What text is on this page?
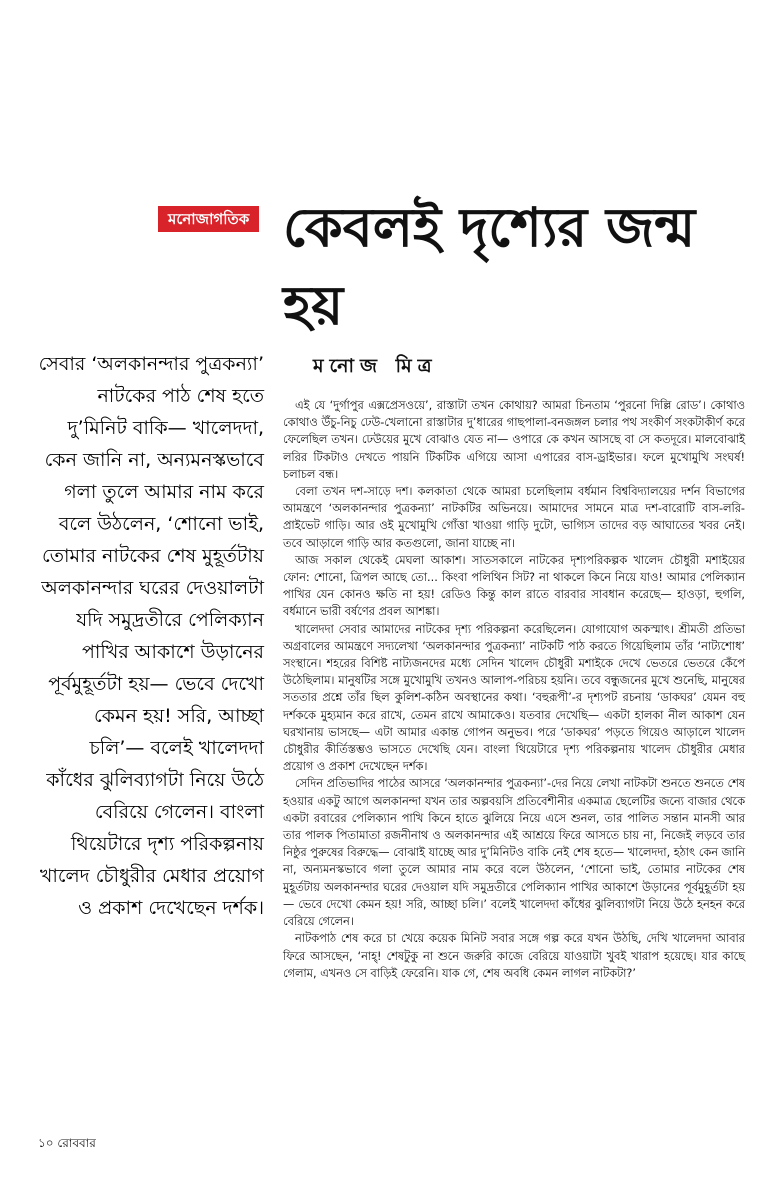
মনোজাগতিক কেবলই দৃশ্যের জন্ম হয়
মনোজ মিত্র

সেবার ‘অলকানন্দার পুত্রকন্যা’ নাটকের পাঠ শেষ হতে দু’মিনিট বাকি— খালেদদা, কেন জানি না, অন্যমনস্কভাবে গলা তুলে আমার নাম করে বলে উঠলেন, ‘শোনো ভাই, তোমার নাটকের শেষ মুহূর্তটায় অলকানন্দার ঘরের দেওয়ালটা যদি সমুদ্রতীরে পেলিক্যান পাখির আকাশে উড়ানের পূর্বমুহূর্তটা হয়— ভেবে দেখো কেমন হয়! সরি, আচ্ছা চলি’— বলেই খালেদদা কাঁধের ঝুলিব্যাগটা নিয়ে উঠে বেরিয়ে গেলেন। বাংলা থিয়েটারে দৃশ্য পরিকল্পনায় খালেদ চৌধুরীর মেধার প্রয়োগ ও প্রকাশ দেখেছেন দর্শক।

এই যে ‘দুর্গাপুর এক্সপ্রেসওয়ে’, রাস্তাটা তখন কোথায়? আমরা চিনতাম ‘পুরনো দিল্লি রোড’। কোথাও কোথাও উঁচু-নিচু ঢেউ-খেলানো রাস্তাটার দু’ধারের গাছপালা-বনজঙ্গল চলার পথ সংকীর্ণ সংকটাকীর্ণ করে ফেলেছিল তখন। ঢেউয়ের মুখে বোঝাও যেত না— ওপারে কে কখন আসছে বা সে কতদূরে। মালবোঝাই লরির টিকটাও দেখতে পায়নি টিকটিক এগিয়ে আসা এপারের বাস-ড্রাইভার। ফলে মুখোমুখি সংঘর্ষ! চলাচল বন্ধ।

বেলা তখন দশ-সাড়ে দশ। কলকাতা থেকে আমরা চলেছিলাম বর্ধমান বিশ্ববিদ্যালয়ের দর্শন বিভাগের আমন্ত্রণে ‘অলকানন্দার পুত্রকন্যা’ নাটকটির অভিনয়ে। আমাদের সামনে মাত্র দশ-বারোটি বাস-লরি-প্রাইভেট গাড়ি। আর ওই মুখোমুখি গোঁত্তা খাওয়া গাড়ি দুটো, ভাগ্যিস তাদের বড় আঘাতের খবর নেই। তবে আড়ালে গাড়ি আর কতগুলো, জানা যাচ্ছে না।

আজ সকাল থেকেই মেঘলা আকাশ। সাতসকালে নাটকের দৃশ্যপরিকল্পক খালেদ চৌধুরী মশাইয়ের ফোন: শোনো, ত্রিপল আছে তো... কিংবা পলিথিন সিট? না থাকলে কিনে নিয়ে যাও! আমার পেলিক্যান পাখির যেন কোনও ক্ষতি না হয়! রেডিও কিন্তু কাল রাতে বারবার সাবধান করেছে— হাওড়া, হুগলি, বর্ধমানে ভারী বর্ষণের প্রবল আশঙ্কা।

খালেদদা সেবার আমাদের নাটকের দৃশ্য পরিকল্পনা করেছিলেন। যোগাযোগ অকস্মাৎ। শ্রীমতী প্রতিভা অগ্রবালের আমন্ত্রণে সদ্যলেখা ‘অলকানন্দার পুত্রকন্যা’ নাটকটি পাঠ করতে গিয়েছিলাম তাঁর ‘নাট্যশোধ’ সংস্থানে। শহরের বিশিষ্ট নাট্যজনদের মধ্যে সেদিন খালেদ চৌধুরী মশাইকে দেখে ভেতরে ভেতরে কেঁপে উঠেছিলাম। মানুষটির সঙ্গে মুখোমুখি তখনও আলাপ-পরিচয় হয়নি। তবে বন্ধুজনের মুখে শুনেছি, মানুষের সততার প্রশ্নে তাঁর ছিল কুলিশ-কঠিন অবস্থানের কথা। ‘বহুরূপী’-র দৃশ্যপট রচনায় ‘ডাকঘর’ যেমন বহু দর্শককে মুহ্যমান করে রাখে, তেমন রাখে আমাকেও। যতবার দেখেছি— একটা হালকা নীল আকাশ যেন ঘরখানায় ভাসছে— এটা আমার একান্ত গোপন অনুভব। পরে ‘ডাকঘর’ পড়তে গিয়েও আড়ালে খালেদ চৌধুরীর কীর্তিস্তম্ভও ভাসতে দেখেছি যেন। বাংলা থিয়েটারে দৃশ্য পরিকল্পনায় খালেদ চৌধুরীর মেধার প্রয়োগ ও প্রকাশ দেখেছেন দর্শক।

সেদিন প্রতিভাদির পাঠের আসরে ‘অলকানন্দার পুত্রকন্যা’-দের নিয়ে লেখা নাটকটা শুনতে শুনতে শেষ হওয়ার একটু আগে অলকানন্দা যখন তার অল্পবয়সি প্রতিবেশীনীর একমাত্র ছেলেটির জন্যে বাজার থেকে একটা রবারের পেলিক্যান পাখি কিনে হাতে ঝুলিয়ে নিয়ে এসে শুনল, তার পালিত সন্তান মানসী আর তার পালক পিতামাতা রজনীনাথ ও অলকানন্দার এই আশ্রয়ে ফিরে আসতে চায় না, নিজেই লড়বে তার নিষ্ঠুর পুরুষের বিরুদ্ধে— বোঝাই যাচ্ছে আর দু’মিনিটও বাকি নেই শেষ হতে— খালেদদা, হঠাৎ কেন জানি না, অন্যমনস্কভাবে গলা তুলে আমার নাম করে বলে উঠলেন, ‘শোনো ভাই, তোমার নাটকের শেষ মুহূর্তটায় অলকানন্দার ঘরের দেওয়াল যদি সমুদ্রতীরে পেলিক্যান পাখির আকাশে উড়ানের পূর্বমুহূর্তটা হয়— ভেবে দেখো কেমন হয়! সরি, আচ্ছা চলি।’ বলেই খালেদদা কাঁধের ঝুলিব্যাগটা নিয়ে উঠে হনহন করে বেরিয়ে গেলেন।

নাটকপাঠ শেষ করে চা খেয়ে কয়েক মিনিট সবার সঙ্গে গল্প করে যখন উঠছি, দেখি খালেদদা আবার ফিরে আসছেন, ‘নাহ্! শেষটুকু না শুনে জরুরি কাজে বেরিয়ে যাওয়াটা খুবই খারাপ হয়েছে। যার কাছে গেলাম, এখনও সে বাড়িই ফেরেনি। যাক গে, শেষ অবধি কেমন লাগল নাটকটা?’

১০ রোববার
